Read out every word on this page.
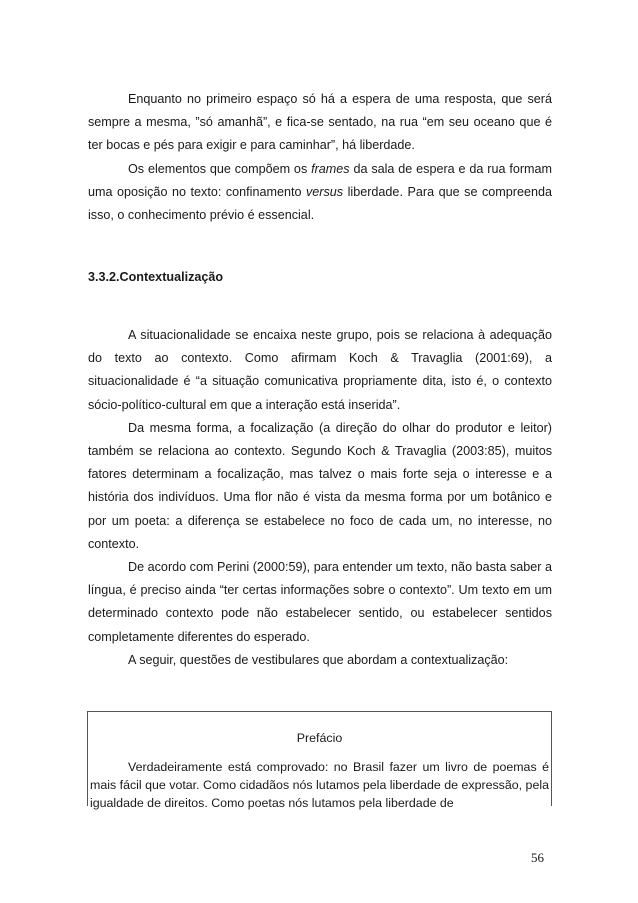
Enquanto no primeiro espaço só há a espera de uma resposta, que será sempre a mesma, ”só amanhã”, e fica-se sentado, na rua “em seu oceano que é ter bocas e pés para exigir e para caminhar”, há liberdade.

Os elementos que compõem os frames da sala de espera e da rua formam uma oposição no texto: confinamento versus liberdade. Para que se compreenda isso, o conhecimento prévio é essencial.

3.3.2.Contextualização

A situacionalidade se encaixa neste grupo, pois se relaciona à adequação do texto ao contexto. Como afirmam Koch & Travaglia (2001:69), a situacionalidade é “a situação comunicativa propriamente dita, isto é, o contexto sócio-político-cultural em que a interação está inserida”.

Da mesma forma, a focalização (a direção do olhar do produtor e leitor) também se relaciona ao contexto. Segundo Koch & Travaglia (2003:85), muitos fatores determinam a focalização, mas talvez o mais forte seja o interesse e a história dos indivíduos. Uma flor não é vista da mesma forma por um botânico e por um poeta: a diferença se estabelece no foco de cada um, no interesse, no contexto.

De acordo com Perini (2000:59), para entender um texto, não basta saber a língua, é preciso ainda “ter certas informações sobre o contexto”. Um texto em um determinado contexto pode não estabelecer sentido, ou estabelecer sentidos completamente diferentes do esperado.

A seguir, questões de vestibulares que abordam a contextualização:

Prefácio

Verdadeiramente está comprovado: no Brasil fazer um livro de poemas é mais fácil que votar. Como cidadãos nós lutamos pela liberdade de expressão, pela igualdade de direitos. Como poetas nós lutamos pela liberdade de

56
